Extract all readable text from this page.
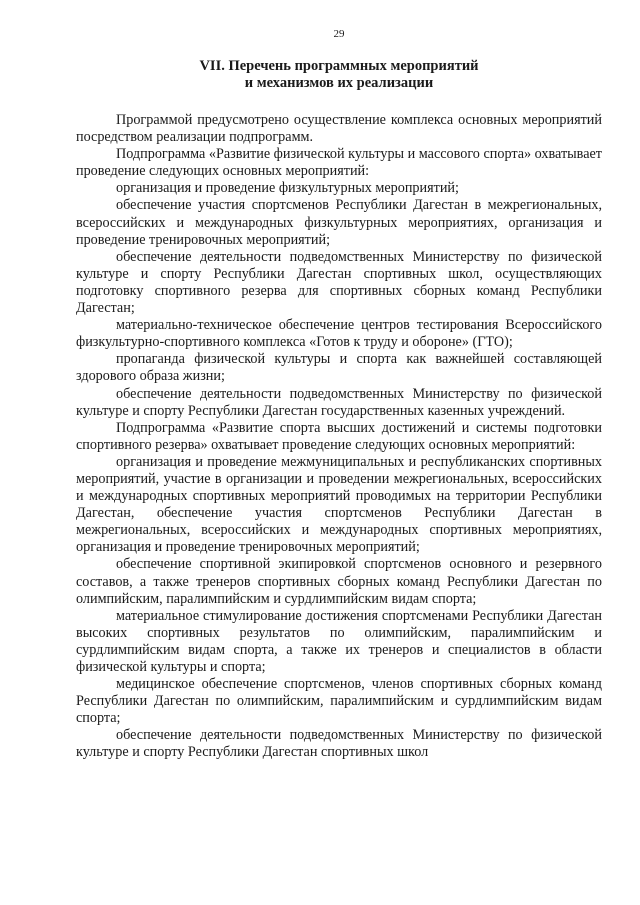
29
VII. Перечень программных мероприятий
и механизмов их реализации

Программой предусмотрено осуществление комплекса основных мероприятий посредством реализации подпрограмм.

Подпрограмма «Развитие физической культуры и массового спорта» охватывает проведение следующих основных мероприятий:

организация и проведение физкультурных мероприятий;

обеспечение участия спортсменов Республики Дагестан в межрегиональных, всероссийских и международных физкультурных мероприятиях, организация и проведение тренировочных мероприятий;

обеспечение деятельности подведомственных Министерству по физической культуре и спорту Республики Дагестан спортивных школ, осуществляющих подготовку спортивного резерва для спортивных сборных команд Республики Дагестан;

материально-техническое обеспечение центров тестирования Всероссийского физкультурно-спортивного комплекса «Готов к труду и обороне» (ГТО);

пропаганда физической культуры и спорта как важнейшей составляющей здорового образа жизни;

обеспечение деятельности подведомственных Министерству по физической культуре и спорту Республики Дагестан государственных казенных учреждений.

Подпрограмма «Развитие спорта высших достижений и системы подготовки спортивного резерва» охватывает проведение следующих основных мероприятий:

организация и проведение межмуниципальных и республиканских спортивных мероприятий, участие в организации и проведении межрегиональных, всероссийских и международных спортивных мероприятий проводимых на территории Республики Дагестан, обеспечение участия спортсменов Республики Дагестан в межрегиональных, всероссийских и международных спортивных мероприятиях, организация и проведение тренировочных мероприятий;

обеспечение спортивной экипировкой спортсменов основного и резервного составов, а также тренеров спортивных сборных команд Республики Дагестан по олимпийским, паралимпийским и сурдлимпийским видам спорта;

материальное стимулирование достижения спортсменами Республики Дагестан высоких спортивных результатов по олимпийским, паралимпийским и сурдлимпийским видам спорта, а также их тренеров и специалистов в области физической культуры и спорта;

медицинское обеспечение спортсменов, членов спортивных сборных команд Республики Дагестан по олимпийским, паралимпийским и сурдлимпийским видам спорта;

обеспечение деятельности подведомственных Министерству по физической культуре и спорту Республики Дагестан спортивных школ
